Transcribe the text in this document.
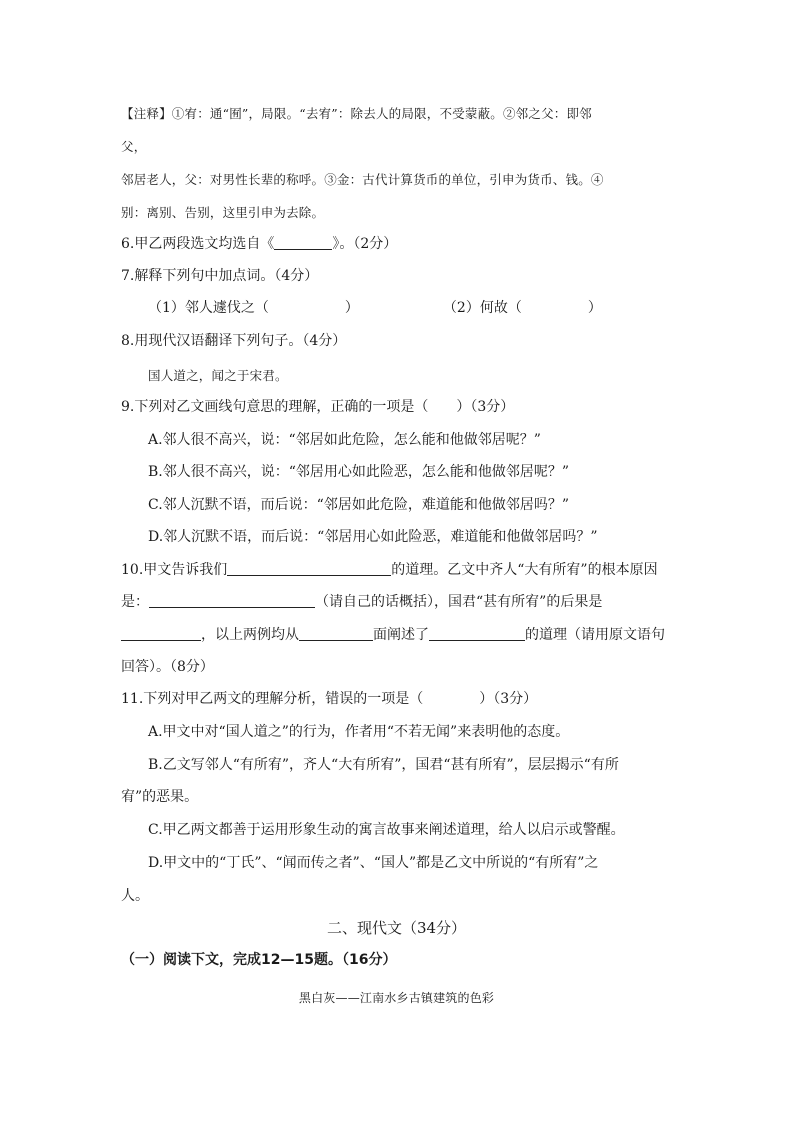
【注释】①宥：通“囿”，局限。“去宥”：除去人的局限，不受蒙蔽。②邻之父：即邻
父，
邻居老人，父：对男性长辈的称呼。③金：古代计算货币的单位，引申为货币、钱。④
别：离别、告别，这里引申为去除。
6.甲乙两段选文均选自《	》。（2分）
7.解释下列句中加点词。（4分）
（1）邻人遽伐之（	）	（2）何故（	）
8.用现代汉语翻译下列句子。（4分）
国人道之，闻之于宋君。
9.下列对乙文画线句意思的理解，正确的一项是（　　）（3分）
A.邻人很不高兴，说：“邻居如此危险，怎么能和他做邻居呢？”
B.邻人很不高兴，说：“邻居用心如此险恶，怎么能和他做邻居呢？”
C.邻人沉默不语，而后说：“邻居如此危险，难道能和他做邻居吗？”
D.邻人沉默不语，而后说：“邻居用心如此险恶，难道能和他做邻居吗？”
10.甲文告诉我们	的道理。乙文中齐人“大有所宥”的根本原因
是：	（请自己的话概括），国君“甚有所宥”的后果是
，以上两例均从	面阐述了	的道理（请用原文语句
回答）。（8分）
11.下列对甲乙两文的理解分析，错误的一项是（　　　　）（3分）
A.甲文中对“国人道之”的行为，作者用“不若无闻”来表明他的态度。
B.乙文写邻人“有所宥”，齐人“大有所宥”，国君“甚有所宥”，层层揭示“有所
宥”的恶果。
C.甲乙两文都善于运用形象生动的寓言故事来阐述道理，给人以启示或警醒。
D.甲文中的“丁氏”、“闻而传之者”、“国人”都是乙文中所说的“有所宥”之
人。
二、现代文（34分）
（一）阅读下文，完成12—15题。（16分）
黑白灰——江南水乡古镇建筑的色彩
